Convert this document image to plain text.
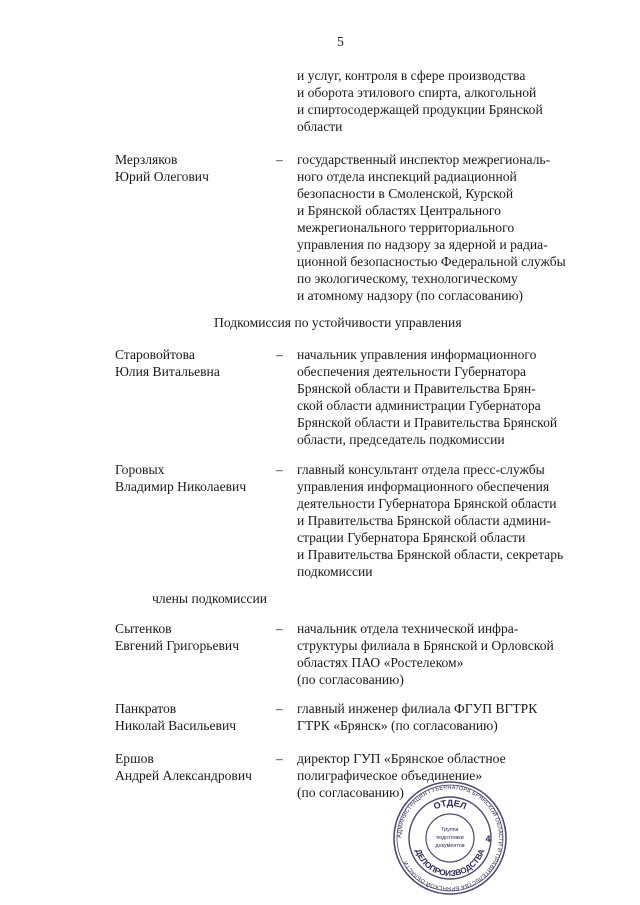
5
и услуг, контроля в сфере производства
и оборота этилового спирта, алкогольной
и спиртосодержащей продукции Брянской
области
Мерзляков
Юрий Олегович
– государственный инспектор межрегиональ-
ного отдела инспекций радиационной
безопасности в Смоленской, Курской
и Брянской областях Центрального
межрегионального территориального
управления по надзору за ядерной и радиа-
ционной безопасностью Федеральной службы
по экологическому, технологическому
и атомному надзору (по согласованию)
Подкомиссия по устойчивости управления
Старовойтова
Юлия Витальевна
– начальник управления информационного
обеспечения деятельности Губернатора
Брянской области и Правительства Брян-
ской области администрации Губернатора
Брянской области и Правительства Брянской
области, председатель подкомиссии
Горовых
Владимир Николаевич
– главный консультант отдела пресс-службы
управления информационного обеспечения
деятельности Губернатора Брянской области
и Правительства Брянской области админи-
страции Губернатора Брянской области
и Правительства Брянской области, секретарь
подкомиссии
члены подкомиссии
Сытенков
Евгений Григорьевич
– начальник отдела технической инфра-
структуры филиала в Брянской и Орловской
областях ПАО «Ростелеком»
(по согласованию)
Панкратов
Николай Васильевич
– главный инженер филиала ФГУП ВГТРК
ГТРК «Брянск» (по согласованию)
Ершов
Андрей Александрович
– директор ГУП «Брянское областное
полиграфическое объединение»
(по согласованию)
АДМИНИСТРАЦИЯ ГУБЕРНАТОРА БРЯНСКОЙ ОБЛАСТИ И ПРАВИТЕЛЬСТВА БРЯНСКОЙ ОБЛАСТИ
ОТДЕЛ
ДЕЛОПРОИЗВОДСТВА
4
Группа
подготовки
документов
